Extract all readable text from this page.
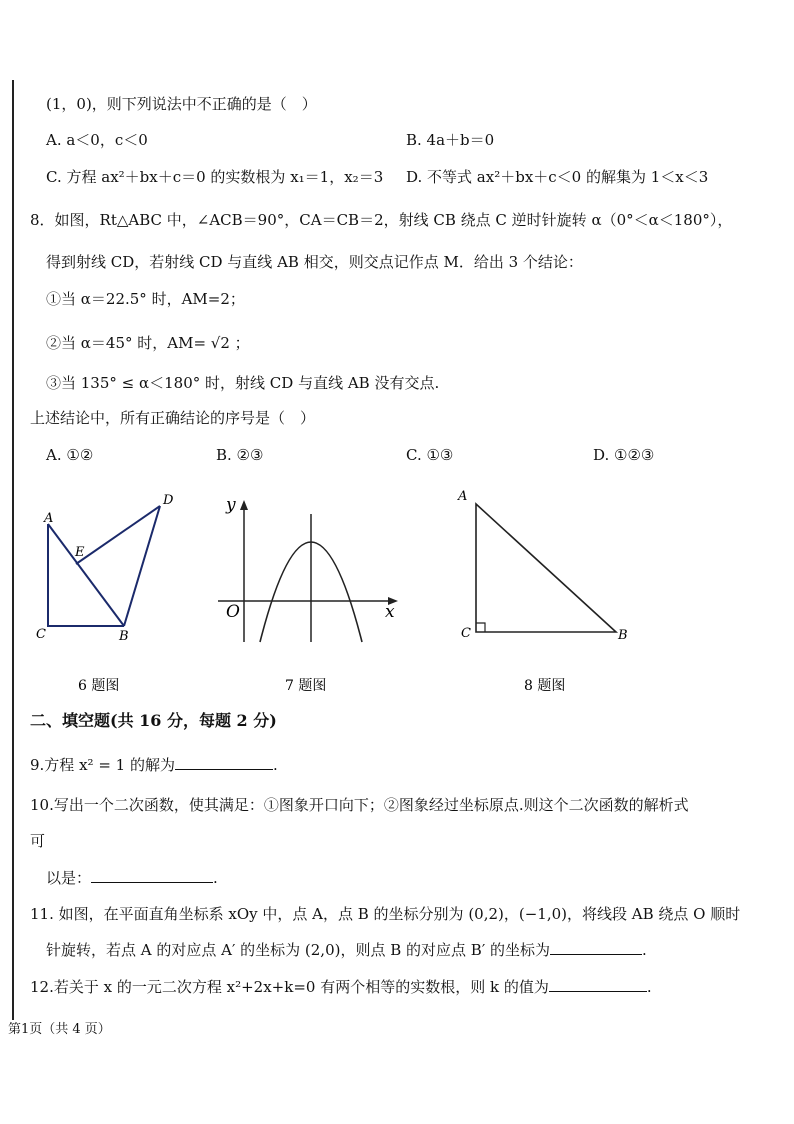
(1，0)，则下列说法中不正确的是（　）
A. a＜0，c＜0	B. 4a＋b＝0
C. 方程 ax²＋bx＋c＝0 的实数根为 x₁＝1，x₂＝3 D. 不等式 ax²＋bx＋c＜0 的解集为 1＜x＜3
8．如图，Rt△ABC 中，∠ACB＝90°，CA＝CB＝2，射线 CB 绕点 C 逆时针旋转 α（0°＜α＜180°），
得到射线 CD，若射线 CD 与直线 AB 相交，则交点记作点 M．给出 3 个结论：
①当 α＝22.5° 时，AM=2；
②当 α＝45° 时，AM= √2 ；
③当 135° ≤ α＜180° 时，射线 CD 与直线 AB 没有交点.
上述结论中，所有正确结论的序号是（　）
A. ①②	B. ②③	C. ①③	D. ①②③
A
C	B
D
E
6 题图
y
O	x
7 题图
A
C	B
8 题图
二、填空题(共 16 分，每题 2 分)
9.方程 x² = 1 的解为	.
10.写出一个二次函数，使其满足：①图象开口向下；②图象经过坐标原点.则这个二次函数的解析式
可
以是：	.
11. 如图，在平面直角坐标系 xOy 中，点 A，点 B 的坐标分别为 (0,2)，(−1,0)，将线段 AB 绕点 O 顺时
针旋转，若点 A 的对应点 A′ 的坐标为 (2,0)，则点 B 的对应点 B′ 的坐标为	.
12.若关于 x 的一元二次方程 x²+2x+k=0 有两个相等的实数根，则 k 的值为	.
第1页（共 4 页）
